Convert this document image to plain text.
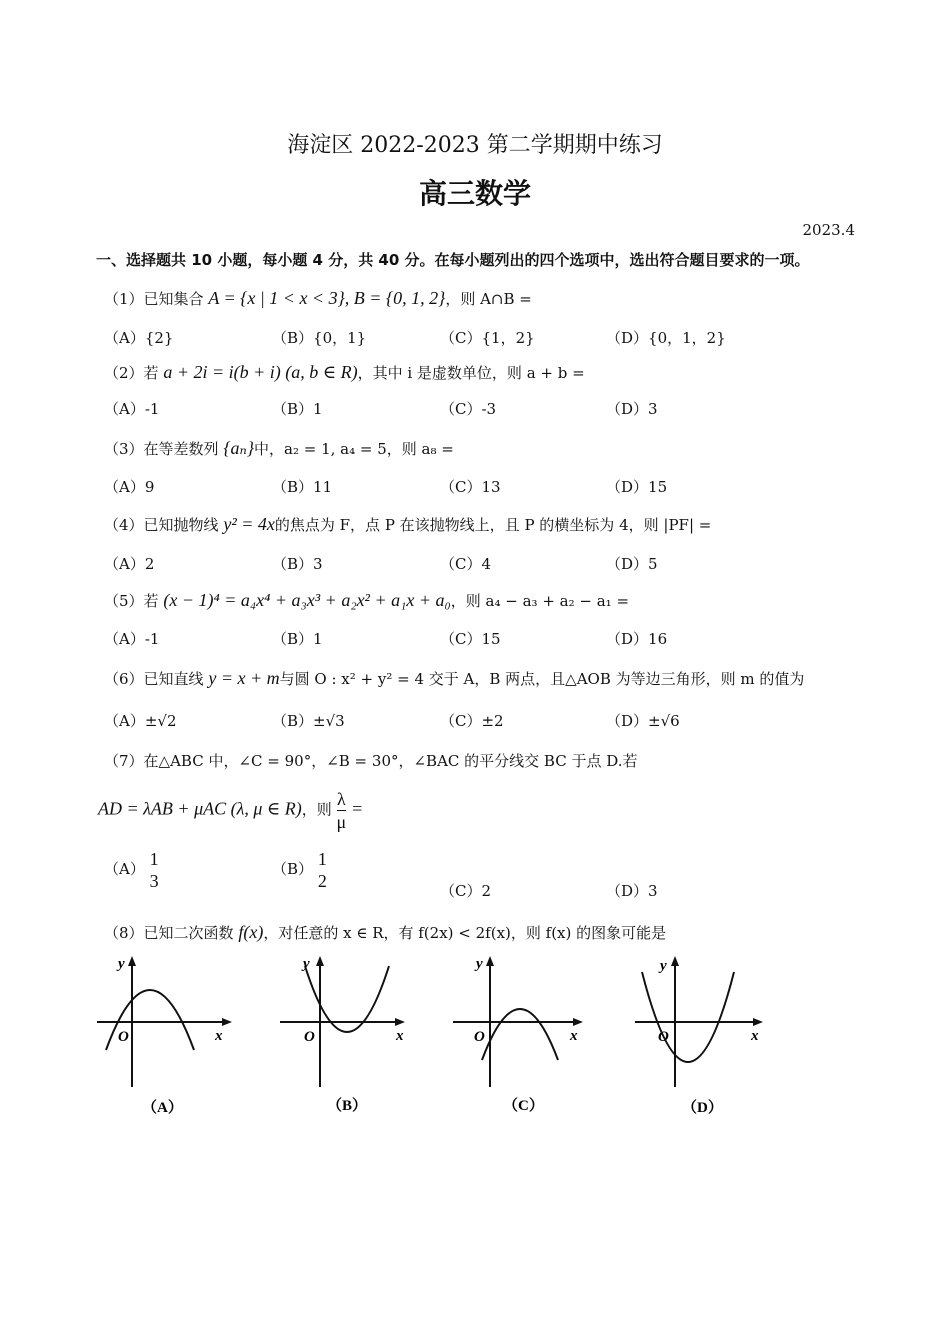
海淀区 2022-2023 第二学期期中练习
高三数学
2023.4
一、选择题共 10 小题，每小题 4 分，共 40 分。在每小题列出的四个选项中，选出符合题目要求的一项。
（1）已知集合 A = {x | 1 < x < 3}, B = {0, 1, 2}，则 A∩B =
（A）{2}	（B）{0，1}	（C）{1，2}	（D）{0，1，2}
（2）若 a + 2i = i(b + i) (a, b ∈ R)，其中 i 是虚数单位，则 a + b =
（A）-1	（B）1	（C）-3	（D）3
（3）在等差数列 {aₙ}中，a₂ = 1, a₄ = 5，则 a₈ =
（A）9	（B）11	（C）13	（D）15
（4）已知抛物线 y² = 4x的焦点为 F，点 P 在该抛物线上，且 P 的横坐标为 4，则 |PF| =
（A）2	（B）3	（C）4	（D）5
（5）若 (x − 1)⁴ = a₄x⁴ + a₃x³ + a₂x² + a₁x + a₀，则 a₄ − a₃ + a₂ − a₁ =
（A）-1	（B）1	（C）15	（D）16
（6）已知直线 y = x + m与圆 O : x² + y² = 4 交于 A，B 两点，且△AOB 为等边三角形，则 m 的值为
（A）±√2	（B）±√3	（C）±2	（D）±√6
（7）在△ABC 中，∠C = 90°，∠B = 30°，∠BAC 的平分线交 BC 于点 D.若
AD = λAB + μAC (λ, μ ∈ R)，则 $\frac{\lambda}{\mu}$ =
（A） 1
3
（B） 1
2	（C）2	（D）3
（8）已知二次函数 f(x)，对任意的 x ∈ R，有 f(2x) < 2f(x)，则 f(x) 的图象可能是
y
x
O
（A）
y
x
O
（B）
y
x
O
（C）
y
x
O
（D）
